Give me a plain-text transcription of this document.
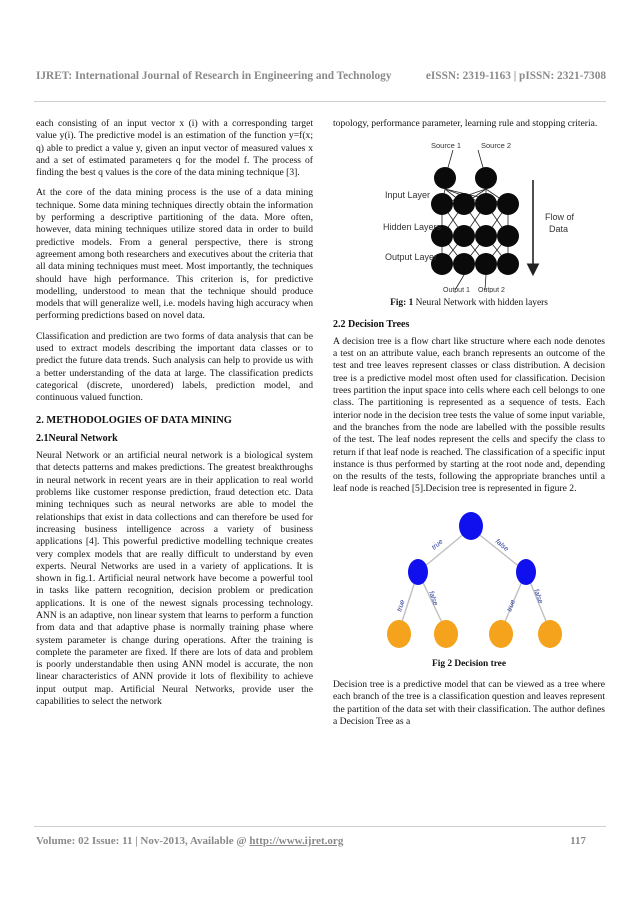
IJRET: International Journal of Research in Engineering and Technology	eISSN: 2319-1163 | pISSN: 2321-7308

each consisting of an input vector x (i) with a corresponding target value y(i). The predictive model is an estimation of the function y=f(x; q) able to predict a value y, given an input vector of measured values x and a set of estimated parameters q for the model f. The process of finding the best q values is the core of the data mining technique [3].

At the core of the data mining process is the use of a data mining technique. Some data mining techniques directly obtain the information by performing a descriptive partitioning of the data. More often, however, data mining techniques utilize stored data in order to build predictive models. From a general perspective, there is strong agreement among both researchers and executives about the criteria that all data mining techniques must meet. Most importantly, the techniques should have high performance. This criterion is, for predictive modelling, understood to mean that the technique should produce models that will generalize well, i.e. models having high accuracy when performing predictions based on novel data.

Classification and prediction are two forms of data analysis that can be used to extract models describing the important data classes or to predict the future data trends. Such analysis can help to provide us with a better understanding of the data at large. The classification predicts categorical (discrete, unordered) labels, prediction model, and continuous valued function.

2. METHODOLOGIES OF DATA MINING
2.1Neural Network

Neural Network or an artificial neural network is a biological system that detects patterns and makes predictions. The greatest breakthroughs in neural network in recent years are in their application to real world problems like customer response prediction, fraud detection etc. Data mining techniques such as neural networks are able to model the relationships that exist in data collections and can therefore be used for increasing business intelligence across a variety of business applications [4]. This powerful predictive modelling technique creates very complex models that are really difficult to understand by even experts. Neural Networks are used in a variety of applications. It is shown in fig.1. Artificial neural network have become a powerful tool in tasks like pattern recognition, decision problem or predication applications. It is one of the newest signals processing technology. ANN is an adaptive, non linear system that learns to perform a function from data and that adaptive phase is normally training phase where system parameter is change during operations. After the training is complete the parameter are fixed. If there are lots of data and problem is poorly understandable then using ANN model is accurate, the non linear characteristics of ANN provide it lots of flexibility to achieve input output map. Artificial Neural Networks, provide user the capabilities to select the network

topology, performance parameter, learning rule and stopping criteria.

Source 1	Source 2
Input Layer
Hidden Layers
Output Layer
Flow of
Data
Output 1 Output 2
Fig: 1 Neural Network with hidden layers
2.2 Decision Trees

A decision tree is a flow chart like structure where each node denotes a test on an attribute value, each branch represents an outcome of the test and tree leaves represent classes or class distribution. A decision tree is a predictive model most often used for classification. Decision trees partition the input space into cells where each cell belongs to one class. The partitioning is represented as a sequence of tests. Each interior node in the decision tree tests the value of some input variable, and the branches from the node are labelled with the possible results of the test. The leaf nodes represent the cells and specify the class to return if that leaf node is reached. The classification of a specific input instance is thus performed by starting at the root node and, depending on the results of the tests, following the appropriate branches until a leaf node is reached [5].Decision tree is represented in figure 2.

true	false
true	false	true
false
Fig 2 Decision tree

Decision tree is a predictive model that can be viewed as a tree where each branch of the tree is a classification question and leaves represent the partition of the data set with their classification. The author defines a Decision Tree as a

Volume: 02 Issue: 11 | Nov-2013, Available @ http://www.ijret.org	117
